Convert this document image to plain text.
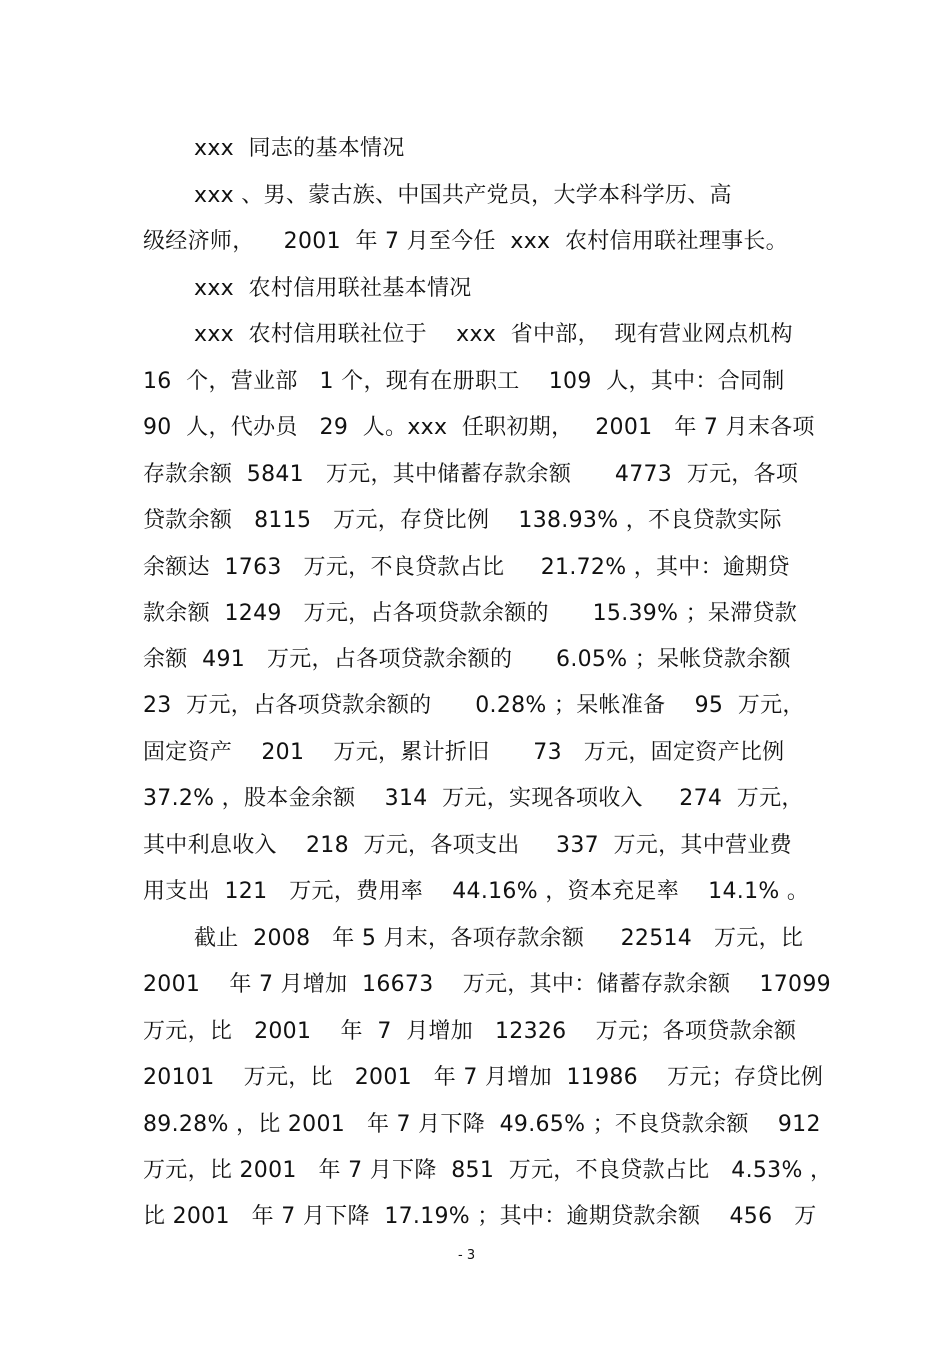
xxx  同志的基本情况
xxx 、男、蒙古族、中国共产党员，大学本科学历、高
级经济师，    2001  年 7 月至今任  xxx  农村信用联社理事长。
xxx  农村信用联社基本情况
xxx  农村信用联社位于    xxx  省中部，  现有营业网点机构
16  个，营业部   1 个，现有在册职工    109  人，其中：合同制
90  人，代办员   29  人。xxx  任职初期，   2001   年 7 月末各项
存款余额  5841   万元，其中储蓄存款余额      4773  万元，各项
贷款余额   8115   万元，存贷比例    138.93% ，不良贷款实际
余额达  1763   万元，不良贷款占比     21.72% ，其中：逾期贷
款余额  1249   万元，占各项贷款余额的      15.39% ；呆滞贷款
余额  491   万元，占各项贷款余额的      6.05% ；呆帐贷款余额
23  万元，占各项贷款余额的      0.28% ；呆帐准备    95  万元，
固定资产    201    万元，累计折旧      73   万元，固定资产比例
37.2% ，股本金余额    314  万元，实现各项收入     274  万元，
其中利息收入    218  万元，各项支出     337  万元，其中营业费
用支出  121   万元，费用率    44.16% ，资本充足率    14.1% 。
截止  2008   年 5 月末，各项存款余额     22514   万元，比
2001    年 7 月增加  16673    万元，其中：储蓄存款余额    17099
万元，比   2001    年  7  月增加   12326    万元；各项贷款余额
20101    万元，比   2001   年 7 月增加  11986    万元；存贷比例
89.28% ，比 2001   年 7 月下降  49.65% ；不良贷款余额    912
万元，比 2001   年 7 月下降  851  万元，不良贷款占比   4.53% ，
比 2001   年 7 月下降  17.19% ；其中：逾期贷款余额    456   万
- 3
